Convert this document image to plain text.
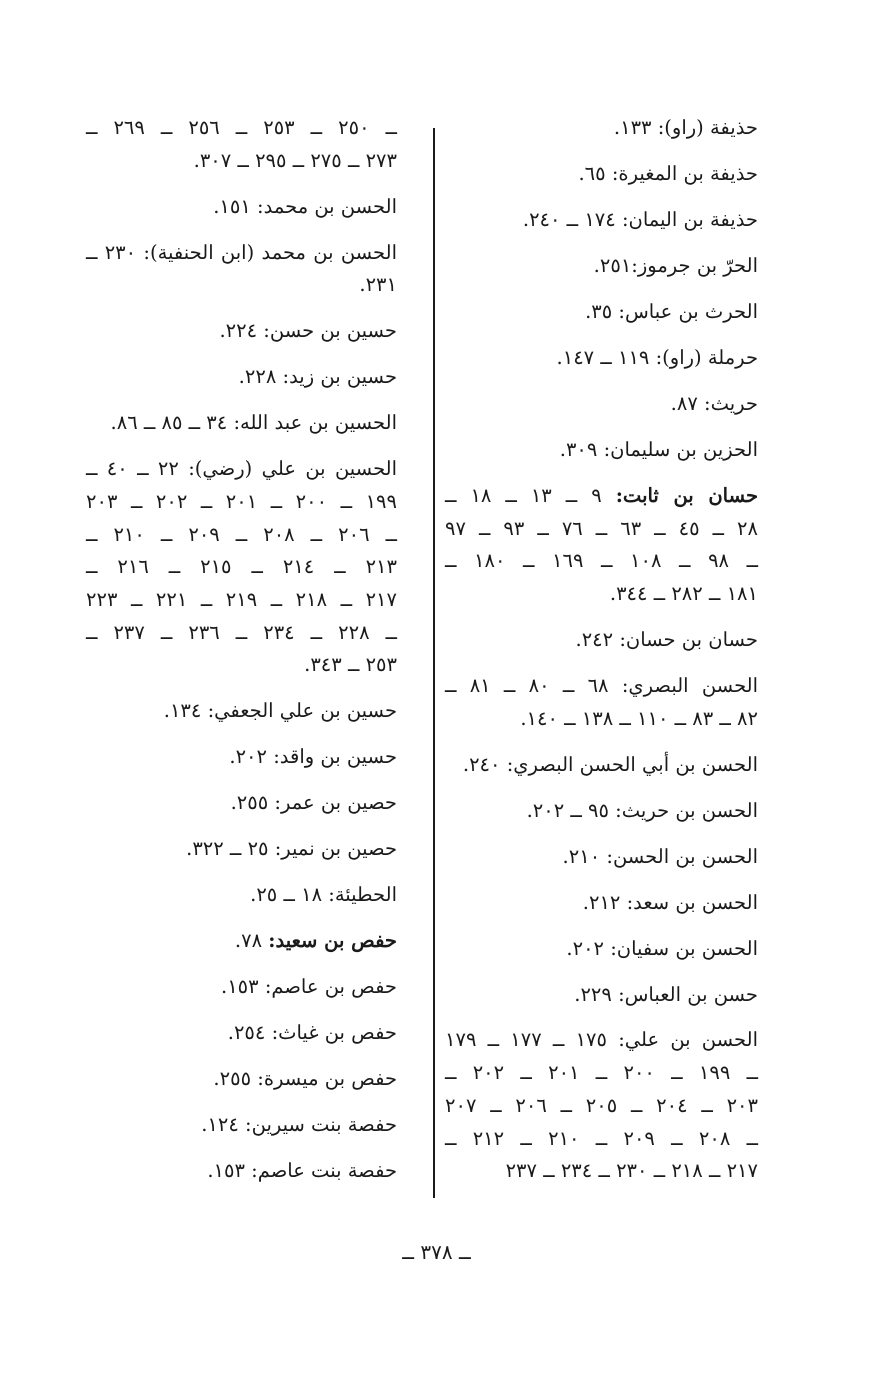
حذيفة (راو): ١٣٣.
حذيفة بن المغيرة: ٦٥.
حذيفة بن اليمان: ١٧٤ ــ ٢٤٠.
الحرّ بن جرموز:٢٥١.
الحرث بن عباس: ٣٥.
حرملة (راو): ١١٩ ــ ١٤٧.
حريث: ٨٧.
الحزين بن سليمان: ٣٠٩.
حسان بن ثابت: ٩ ــ ١٣ ــ ١٨ ــ
٢٨ ــ ٤٥ ــ ٦٣ ــ ٧٦ ــ ٩٣ ــ ٩٧
ــ ٩٨ ــ ١٠٨ ــ ١٦٩ ــ ١٨٠ ــ
١٨١ ــ ٢٨٢ ــ ٣٤٤.
حسان بن حسان: ٢٤٢.
الحسن البصري: ٦٨ ــ ٨٠ ــ ٨١ ــ
٨٢ ــ ٨٣ ــ ١١٠ ــ ١٣٨ ــ ١٤٠.
الحسن بن أبي الحسن البصري: ٢٤٠.
الحسن بن حريث: ٩٥ ــ ٢٠٢.
الحسن بن الحسن: ٢١٠.
الحسن بن سعد: ٢١٢.
الحسن بن سفيان: ٢٠٢.
حسن بن العباس: ٢٢٩.
الحسن بن علي: ١٧٥ ــ ١٧٧ ــ ١٧٩
ــ ١٩٩ ــ ٢٠٠ ــ ٢٠١ ــ ٢٠٢ ــ
٢٠٣ ــ ٢٠٤ ــ ٢٠٥ ــ ٢٠٦ ــ ٢٠٧
ــ ٢٠٨ ــ ٢٠٩ ــ ٢١٠ ــ ٢١٢ ــ
٢١٧ ــ ٢١٨ ــ ٢٣٠ ــ ٢٣٤ ــ ٢٣٧
ــ ٢٥٠ ــ ٢٥٣ ــ ٢٥٦ ــ ٢٦٩ ــ
٢٧٣ ــ ٢٧٥ ــ ٢٩٥ ــ ٣٠٧.
الحسن بن محمد: ١٥١.
الحسن بن محمد (ابن الحنفية): ٢٣٠ ــ
٢٣١.
حسين بن حسن: ٢٢٤.
حسين بن زيد: ٢٢٨.
الحسين بن عبد الله: ٣٤ ــ ٨٥ ــ ٨٦.
الحسين بن علي (رضي): ٢٢ ــ ٤٠ ــ
١٩٩ ــ ٢٠٠ ــ ٢٠١ ــ ٢٠٢ ــ ٢٠٣
ــ ٢٠٦ ــ ٢٠٨ ــ ٢٠٩ ــ ٢١٠ ــ
٢١٣ ــ ٢١٤ ــ ٢١٥ ــ ٢١٦ ــ
٢١٧ ــ ٢١٨ ــ ٢١٩ ــ ٢٢١ ــ ٢٢٣
ــ ٢٢٨ ــ ٢٣٤ ــ ٢٣٦ ــ ٢٣٧ ــ
٢٥٣ ــ ٣٤٣.
حسين بن علي الجعفي: ١٣٤.
حسين بن واقد: ٢٠٢.
حصين بن عمر: ٢٥٥.
حصين بن نمير: ٢٥ ــ ٣٢٢.
الحطيئة: ١٨ ــ ٢٥.
حفص بن سعيد: ٧٨.
حفص بن عاصم: ١٥٣.
حفص بن غياث: ٢٥٤.
حفص بن ميسرة: ٢٥٥.
حفصة بنت سيرين: ١٢٤.
حفصة بنت عاصم: ١٥٣.
ــ ٣٧٨ ــ
